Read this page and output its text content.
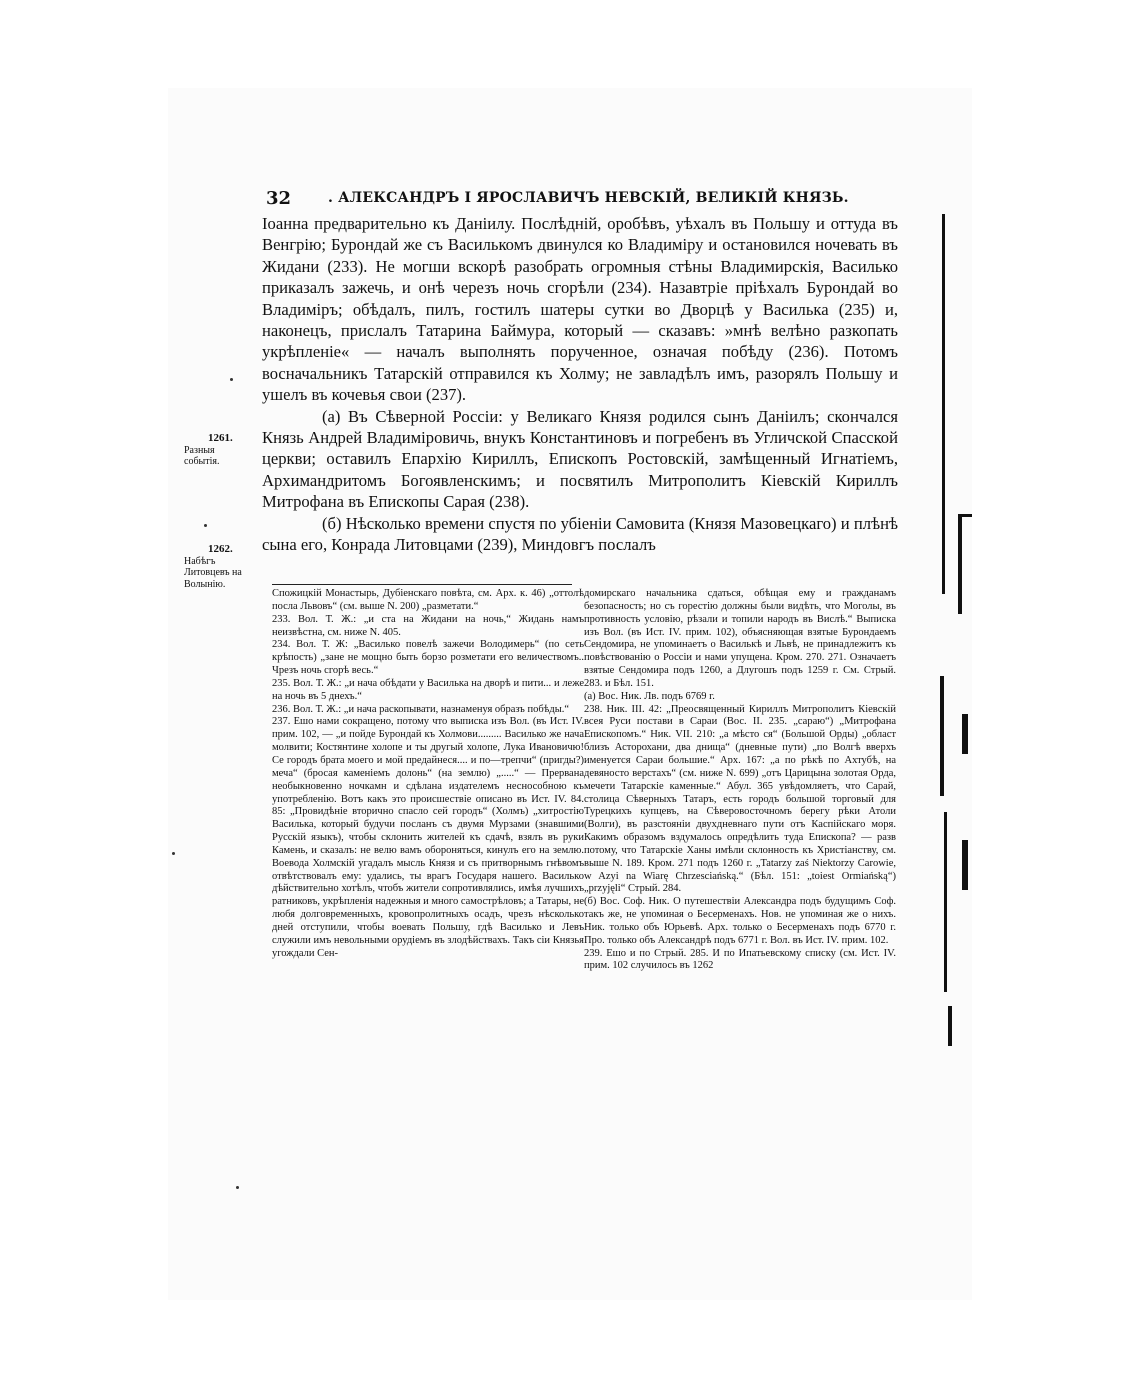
32	. АЛЕКСАНДРЪ I ЯРОСЛАВИЧЪ НЕВСКIЙ, ВЕЛИКIЙ КНЯЗЬ.

Іоанна предварительно къ Данiилу. Послѣднiй, оробѣвъ, уѣхалъ въ Польшу и оттуда въ Венгрiю; Буpондай же съ Василькомъ двинулся ко Владимiру и остановился ночевать въ Жидани (233). Не могши вскорѣ разобрать огромныя стѣны Владимирскiя, Василько приказалъ зажечь, и онѣ черезъ ночь сгорѣли (234). Назавтрiе прiѣхалъ Бурондай во Владимiръ; обѣдалъ, пилъ, гостилъ шатеры сутки во Дворцѣ у Василька (235) и, наконецъ, прислалъ Татарина Баймура, который — сказавъ: »мнѣ велѣно разкопать укрѣпленiе« — началъ выполнять порученное, означая побѣду (236). Потомъ восначальникъ Татарскiй отправился къ Холму; не завладѣлъ имъ, разорялъ Польшу и ушелъ въ кочевья свои (237).

(а) Въ Сѣверной Россiи: у Великаго Князя родился сынъ Данiилъ; скончался Князь Андрей Владимiровичь, внукъ Константиновъ и погребенъ въ Угличской Спасской церкви; оставилъ Епархiю Кириллъ, Епископъ Ростовскiй, замѣщенный Игнатiемъ, Архимандритомъ Богоявленскимъ; и посвятилъ Митрополитъ Кiевскiй Кириллъ Митрофана въ Епископы Сарая (238).

(б) Нѣсколько времени спустя по убiенiи Самовита (Князя Мазовецкаго) и плѣнѣ сына его, Конрада Литовцами (239), Миндовгъ послалъ

1261.
Разныя событiя.
1262.
Набѣгъ Литовцевъ на Волынiю.

Спожицкiй Монастырь, Дубiенскаго повѣта, см. Арх. к. 46) „оттолѣ посла Львовъ“ (см. выше N. 200) „разметати.“

233. Вол. Т. Ж.: „и ста на Жидани на ночь,“ Жидань намъ неизвѣстна, см. ниже N. 405.

234. Вол. Т. Ж: „Василько повелѣ зажечи Володимерь“ (по сеть крѣпость) „зане не мощно быть борзо розметати его величествомъ.. Чрезъ ночь сгорѣ весь.“

235. Вол. Т. Ж.: „и нача обѣдати у Василька на дворѣ и пити... и лeже на ночь въ 5 днехъ.“

236. Вол. Т. Ж.: „и нача раскопывати, назнаменуя образъ побѣды.“

237. Ешо нами сокращено, потому что выписка изъ Вол. (въ Ист. IV. прим. 102, — „и пойде Бурондай къ Холмови......... Василько же нача молвити; Костянтине холопе и ты другый холопе, Лука Ивановичю! Се городъ брата моего и мой предайнеся.... и по—трепчи“ (пригды?) меча“ (бросая каменiемъ долонь“ (на землю) „.....“ — Прервана необыкновенно ночкамн и сдѣлана издателемъ неснособною къ употребленiю. Вотъ какъ это происшествiе описано въ Ист. IV. 84. 85: „Провидѣнiе вторично спасло сей городъ“ (Холмъ) „хитростiю Василька, который будучи посланъ съ двумя Мурзами (знавшими Русскiй языкъ), чтобы склонить жителей къ сдачѣ, взялъ въ руки Камень, и сказалъ: не велю вамъ обороняться, кинулъ его на землю. Воевода Холмскiй угадалъ мысль Князя и съ притворнымъ гнѣвомъ отвѣтствовалъ ему: удались, ты врагъ Государя нашего. Василько дѣйствительно хотѣлъ, чтобъ жители сопротивлялись, имѣя лучшихъ ратниковъ, укрѣпленiя надежныя и много самострѣловъ; а Татары, не любя долговременныхъ, кровопролитныхъ осадъ, чрезъ нѣсколько дней отступили, чтобы воевать Польшу, гдѣ Василько и Левъ служили имъ невольными орудiемъ въ злодѣйствахъ. Такъ сiи Князья угождали Сен-

домирскаго начальника сдаться, обѣщая ему и гражданамъ безопасность; но съ горестiю должны были видѣть, что Моголы, въ противность условiю, рѣзали и топили народъ въ Вислѣ.“ Выписка изъ Вол. (въ Ист. IV. прим. 102), объясняющая взятые Бурондаемъ Сендомира, не упоминаетъ о Василькѣ и Львѣ, не принадлежитъ къ повѣствованiю о Россiи и нами упущена. Кром. 270. 271. Означаетъ взятые Сендомира подъ 1260, а Длугошъ подъ 1259 г. См. Стрый. 283. и Бѣл. 151.

(а) Вос. Ник. Лв. подъ 6769 г.

238. Ник. III. 42: „Преосвященный Кириллъ Митрополитъ Кiевскiй всея Руси постави в Сараи (Вос. II. 235. „сараю“) „Митрофана Епископомъ.“ Ник. VII. 210: „а мѣсто ся“ (Большой Орды) „област близъ Асторохани, два днища“ (дневные пути) „по Волгѣ вверхъ именуется Сараи большие.“ Арх. 167: „а по рѣкѣ по Ахтубѣ, на девяносто верстахъ“ (см. ниже N. 699) „отъ Царицына золотая Орда, мечети Татарскiе каменные.“ Абул. 365 увѣдомляетъ, что Сарай, столица Сѣверныхъ Татаръ, есть городъ большой торговый для Турецкихъ купцевъ, на Сѣверовосточномъ берегу рѣки Атоли (Волги), въ разстоянiи двухдневнаго пути отъ Каспiйскаго моря. Какимъ образомъ вздумалось опредѣлить туда Епископа? — разв потому, что Татарскiе Ханы имѣли склонность къ Христiанству, см. выше N. 189. Кром. 271 подъ 1260 г. „Tatarzy zaś Niektorzy Carowie, w Azyi na Wiarę Chrzesciańską.“ (Бѣл. 151: „toiest Ormiańską“) „przyjęli“ Стрый. 284.

(б) Вос. Соф. Ник. О путешествiи Александра подъ будущимъ Соф. такъ же, не упоминая о Бесерменахъ. Нов. не упоминая же о нихъ. Ник. только объ Юрьевѣ. Арх. только о Бесерменахъ подъ 6770 г. Про. только объ Александрѣ подъ 6771 г. Вол. въ Ист. IV. прим. 102.

239. Ешо и по Стрый. 285. И по Ипатьевскому списку (см. Ист. IV. прим. 102 случилось въ 1262
